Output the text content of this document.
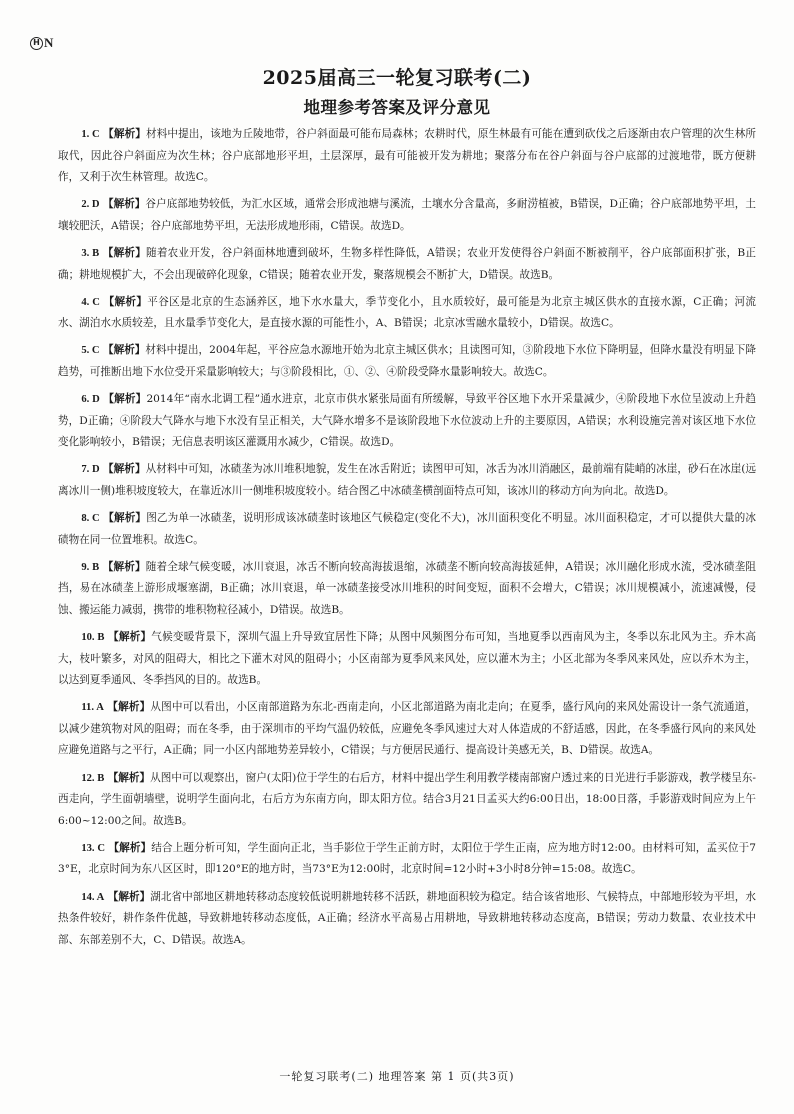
H N
2025届高三一轮复习联考(二)
地理参考答案及评分意见

1. C 【解析】材料中提出，该地为丘陵地带，谷户斜面最可能布局森林；农耕时代，原生林最有可能在遭到砍伐之后逐渐由农户管理的次生林所取代，因此谷户斜面应为次生林；谷户底部地形平坦，土层深厚，最有可能被开发为耕地；聚落分布在谷户斜面与谷户底部的过渡地带，既方便耕作，又利于次生林管理。故选C。

2. D 【解析】谷户底部地势较低，为汇水区域，通常会形成池塘与溪流，土壤水分含量高，多耐涝植被，B错误，D正确；谷户底部地势平坦，土壤较肥沃，A错误；谷户底部地势平坦，无法形成地形雨，C错误。故选D。

3. B 【解析】随着农业开发，谷户斜面林地遭到破坏，生物多样性降低，A错误；农业开发使得谷户斜面不断被削平，谷户底部面积扩张，B正确；耕地规模扩大，不会出现破碎化现象，C错误；随着农业开发，聚落规模会不断扩大，D错误。故选B。

4. C 【解析】平谷区是北京的生态涵养区，地下水水量大，季节变化小，且水质较好，最可能是为北京主城区供水的直接水源，C正确；河流水、湖泊水水质较差，且水量季节变化大，是直接水源的可能性小，A、B错误；北京冰雪融水量较小，D错误。故选C。

5. C 【解析】材料中提出，2004年起，平谷应急水源地开始为北京主城区供水；且读图可知，③阶段地下水位下降明显，但降水量没有明显下降趋势，可推断出地下水位受开采量影响较大；与③阶段相比，①、②、④阶段受降水量影响较大。故选C。

6. D 【解析】2014年“南水北调工程”通水进京，北京市供水紧张局面有所缓解，导致平谷区地下水开采量减少，④阶段地下水位呈波动上升趋势，D正确；④阶段大气降水与地下水没有呈正相关，大气降水增多不是该阶段地下水位波动上升的主要原因，A错误；水利设施完善对该区地下水位变化影响较小，B错误；无信息表明该区灌溉用水减少，C错误。故选D。

7. D 【解析】从材料中可知，冰碛垄为冰川堆积地貌，发生在冰舌附近；读图甲可知，冰舌为冰川消融区，最前端有陡峭的冰崖，砂石在冰崖(远离冰川一侧)堆积坡度较大，在靠近冰川一侧堆积坡度较小。结合图乙中冰碛垄横剖面特点可知，该冰川的移动方向为向北。故选D。

8. C 【解析】图乙为单一冰碛垄，说明形成该冰碛垄时该地区气候稳定(变化不大)，冰川面积变化不明显。冰川面积稳定，才可以提供大量的冰碛物在同一位置堆积。故选C。

9. B 【解析】随着全球气候变暖，冰川衰退，冰舌不断向较高海拔退缩，冰碛垄不断向较高海拔延伸，A错误；冰川融化形成水流，受冰碛垄阻挡，易在冰碛垄上游形成堰塞湖，B正确；冰川衰退，单一冰碛垄接受冰川堆积的时间变短，面积不会增大，C错误；冰川规模减小，流速减慢，侵蚀、搬运能力减弱，携带的堆积物粒径减小，D错误。故选B。

10. B 【解析】气候变暖背景下，深圳气温上升导致宜居性下降；从图中风频图分布可知，当地夏季以西南风为主，冬季以东北风为主。乔木高大，枝叶繁多，对风的阻碍大，相比之下灌木对风的阻碍小；小区南部为夏季风来风处，应以灌木为主；小区北部为冬季风来风处，应以乔木为主，以达到夏季通风、冬季挡风的目的。故选B。

11. A 【解析】从图中可以看出，小区南部道路为东北-西南走向，小区北部道路为南北走向；在夏季，盛行风向的来风处需设计一条气流通道，以减少建筑物对风的阻碍；而在冬季，由于深圳市的平均气温仍较低，应避免冬季风速过大对人体造成的不舒适感，因此，在冬季盛行风向的来风处应避免道路与之平行，A正确；同一小区内部地势差异较小，C错误；与方便居民通行、提高设计美感无关，B、D错误。故选A。

12. B 【解析】从图中可以观察出，窗户(太阳)位于学生的右后方，材料中提出学生利用教学楼南部窗户透过来的日光进行手影游戏，教学楼呈东-西走向，学生面朝墙壁，说明学生面向北，右后方为东南方向，即太阳方位。结合3月21日孟买大约6:00日出，18:00日落，手影游戏时间应为上午6:00~12:00之间。故选B。

13. C 【解析】结合上题分析可知，学生面向正北，当手影位于学生正前方时，太阳位于学生正南，应为地方时12:00。由材料可知，孟买位于73°E，北京时间为东八区区时，即120°E的地方时，当73°E为12:00时，北京时间=12小时+3小时8分钟=15:08。故选C。

14. A 【解析】湖北省中部地区耕地转移动态度较低说明耕地转移不活跃，耕地面积较为稳定。结合该省地形、气候特点，中部地形较为平坦，水热条件较好，耕作条件优越，导致耕地转移动态度低，A正确；经济水平高易占用耕地，导致耕地转移动态度高，B错误；劳动力数量、农业技术中部、东部差别不大，C、D错误。故选A。

一轮复习联考(二) 地理答案 第 1 页(共3页)
